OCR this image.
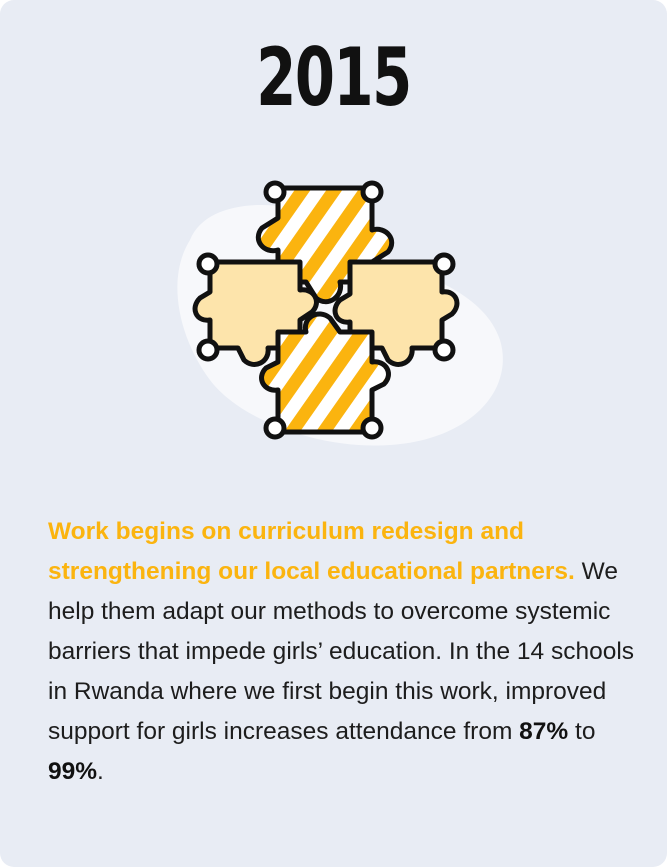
2015

Work begins on curriculum redesign and strengthening our local educational partners. We help them adapt our methods to overcome systemic barriers that impede girls’ education. In the 14 schools in Rwanda where we first begin this work, improved support for girls increases attendance from 87% to 99%.
